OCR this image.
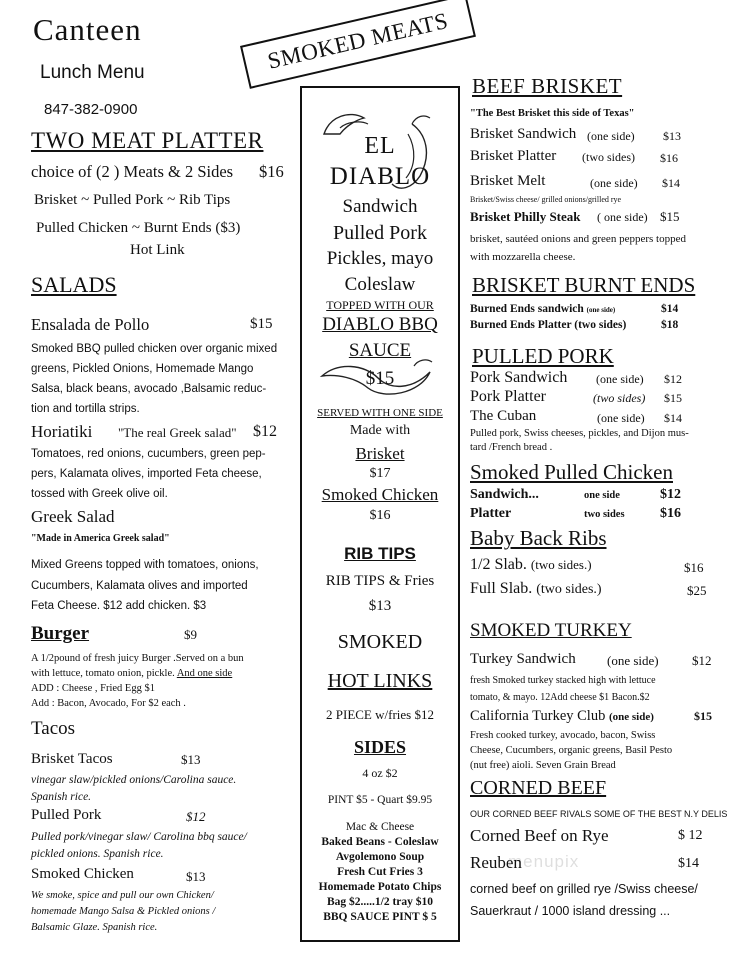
Canteen
Lunch Menu
847-382-0900
SMOKED MEATS
TWO MEAT PLATTER
choice of (2 ) Meats & 2 Sides $16
Brisket ~ Pulled Pork ~ Rib Tips
Pulled Chicken ~ Burnt Ends ($3)
Hot Link
SALADS
Ensalada de Pollo	$15
Smoked BBQ pulled chicken over organic mixed
greens, Pickled Onions, Homemade Mango
Salsa, black beans, avocado ,Balsamic reduc-
tion and tortilla strips.
Horiatiki "The real Greek salad" $12
Tomatoes, red onions, cucumbers, green pep-
pers, Kalamata olives, imported Feta cheese,
tossed with Greek olive oil.
Greek Salad
"Made in America Greek salad"
Mixed Greens topped with tomatoes, onions,
Cucumbers, Kalamata olives and imported
Feta Cheese. $12 add chicken. $3
Burger	$9
A 1/2pound of fresh juicy Burger .Served on a bun
with lettuce, tomato onion, pickle. And one side
ADD : Cheese , Fried Egg $1
Add : Bacon, Avocado, For $2 each .
Tacos
Brisket Tacos	$13
vinegar slaw/pickled onions/Carolina sauce.
Spanish rice.
Pulled Pork	$12
Pulled pork/vinegar slaw/ Carolina bbq sauce/
pickled onions. Spanish rice.
Smoked Chicken	$13
We smoke, spice and pull our own Chicken/
homemade Mango Salsa & Pickled onions /
Balsamic Glaze. Spanish rice.
EL
DIABLO
Sandwich
Pulled Pork
Pickles, mayo
Coleslaw
TOPPED WITH OUR
DIABLO BBQ
SAUCE
$15
SERVED WITH ONE SIDE
Made with
Brisket
$17
Smoked Chicken
$16
RIB TIPS
RIB TIPS & Fries
$13
SMOKED
HOT LINKS
2 PIECE w/fries $12
SIDES
4 oz $2
PINT $5 - Quart $9.95
Mac & Cheese
Baked Beans - Coleslaw
Avgolemono Soup
Fresh Cut Fries 3
Homemade Potato Chips
Bag $2.....1/2 tray $10
BBQ SAUCE PINT $ 5
BEEF BRISKET
"The Best Brisket this side of Texas"
Brisket Sandwich (one side) $13
Brisket Platter (two sides) $16
Brisket Melt	(one side) $14
Brisket/Swiss cheese/ grilled onions/grilled rye
Brisket Philly Steak ( one side) $15
brisket, sautéed onions and green peppers topped
with mozzarella cheese.
BRISKET BURNT ENDS
Burned Ends sandwich (one side)	$14
Burned Ends Platter (two sides)	$18
PULLED PORK
Pork Sandwich (one side) $12
Pork Platter	(two sides) $15
The Cuban	(one side) $14
Pulled pork, Swiss cheeses, pickles, and Dijon mus-
tard /French bread .
Smoked Pulled Chicken
Sandwich...	one side	$12
Platter	two sides	$16
Baby Back Ribs
1/2 Slab. (two sides.)	$16
Full Slab. (two sides.)	$25
SMOKED TURKEY
Turkey Sandwich (one side)	$12
fresh Smoked turkey stacked high with lettuce
tomato, & mayo. 12Add cheese $1 Bacon.$2
California Turkey Club (one side)	$15
Fresh cooked turkey, avocado, bacon, Swiss
Cheese, Cucumbers, organic greens, Basil Pesto
(nut free) aioli. Seven Grain Bread
CORNED BEEF
OUR CORNED BEEF RIVALS SOME OF THE BEST N.Y DELIS
Corned Beef on Rye	$ 12
Reuben	$14
corned beef on grilled rye /Swiss cheese/
Sauerkraut / 1000 island dressing ...
menupix
